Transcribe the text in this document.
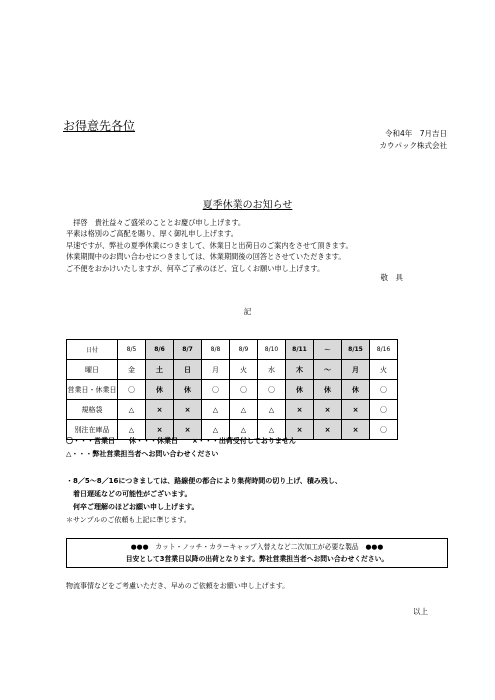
お得意先各位
令和4年　7月吉日
カウパック株式会社
夏季休業のお知らせ
　拝啓　貴社益々ご盛栄のこととお慶び申し上げます。
平素は格別のご高配を賜り、厚く御礼申し上げます。
早速ですが、弊社の夏季休業につきまして、休業日と出荷日のご案内をさせて頂きます。
休業期間中のお問い合わせにつきましては、休業期間後の回答とさせていただきます。
ご不便をおかけいたしますが、何卒ご了承のほど、宜しくお願い申し上げます。
敬　具
記
日付	8/5	8/6	8/7	8/8	8/9	8/10	8/11	～	8/15	8/16
曜日	金	土	日	月	火	水	木	～	月	火
営業日・休業日	〇	休	休	〇	〇	〇	休	休	休	〇
規格袋	△	×	×	△	△	△	×	×	×	〇
別注在庫品	△	×	×	△	△	△	×	×	×	〇
〇・・・営業日　　休・・・休業日　　×・・・出荷受付しておりません
△・・・弊社営業担当者へお問い合わせください
・8／5～8／16につきましては、路線便の都合により集荷時間の切り上げ、積み残し、
　着日遅延などの可能性がございます。
　何卒ご理解のほどお願い申し上げます。
＊サンプルのご依頼も上記に準じます。
●●●　カット・ノッチ・カラーキャップ入替えなど二次加工が必要な製品　●●●
目安として3営業日以降の出荷となります。弊社営業担当者へお問い合わせください。
物流事情などをご考慮いただき、早めのご依頼をお願い申し上げます。
以上
